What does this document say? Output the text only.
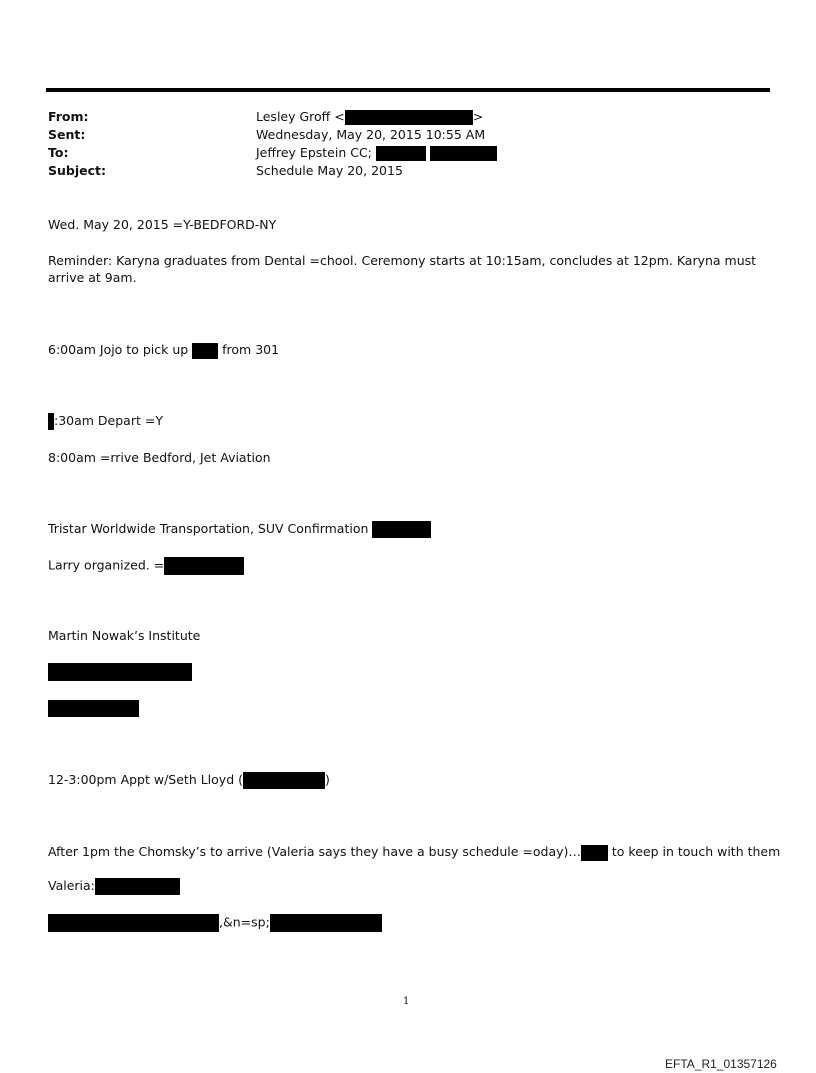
From:	Lesley Groff <	>
Sent:	Wednesday, May 20, 2015 10:55 AM
To:	Jeffrey Epstein CC;
Subject:	Schedule May 20, 2015
Wed. May 20, 2015 =Y-BEDFORD-NY
Reminder: Karyna graduates from Dental =chool. Ceremony starts at 10:15am, concludes at 12pm. Karyna must arrive at 9am.
6:00am Jojo to pick up  from 301
:30am Depart =Y
8:00am =rrive Bedford, Jet Aviation
Tristar Worldwide Transportation, SUV Confirmation
Larry organized. =
Martin Nowak’s Institute
12-3:00pm Appt w/Seth Lloyd (	)
After 1pm the Chomsky’s to arrive (Valeria says they have a busy schedule =oday)… to keep in touch with them
Valeria:
,&n=sp;
1
EFTA_R1_01357126
